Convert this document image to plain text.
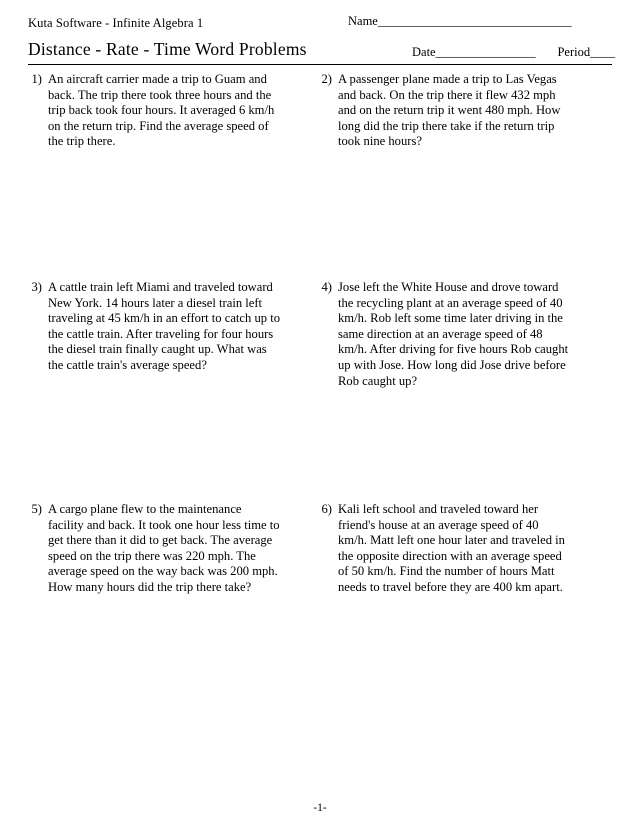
Kuta Software - Infinite Algebra 1
Distance - Rate - Time Word Problems
Name_______________________________
Date________________ Period____
1) An aircraft carrier made a trip to Guam and back. The trip there took three hours and the trip back took four hours. It averaged 6 km/h on the return trip. Find the average speed of the trip there.
2) A passenger plane made a trip to Las Vegas and back. On the trip there it flew 432 mph and on the return trip it went 480 mph. How long did the trip there take if the return trip took nine hours?
3) A cattle train left Miami and traveled toward New York. 14 hours later a diesel train left traveling at 45 km/h in an effort to catch up to the cattle train. After traveling for four hours the diesel train finally caught up. What was the cattle train's average speed?
4) Jose left the White House and drove toward the recycling plant at an average speed of 40 km/h. Rob left some time later driving in the same direction at an average speed of 48 km/h. After driving for five hours Rob caught up with Jose. How long did Jose drive before Rob caught up?
5) A cargo plane flew to the maintenance facility and back. It took one hour less time to get there than it did to get back. The average speed on the trip there was 220 mph. The average speed on the way back was 200 mph. How many hours did the trip there take?
6) Kali left school and traveled toward her friend's house at an average speed of 40 km/h. Matt left one hour later and traveled in the opposite direction with an average speed of 50 km/h. Find the number of hours Matt needs to travel before they are 400 km apart.
-1-
